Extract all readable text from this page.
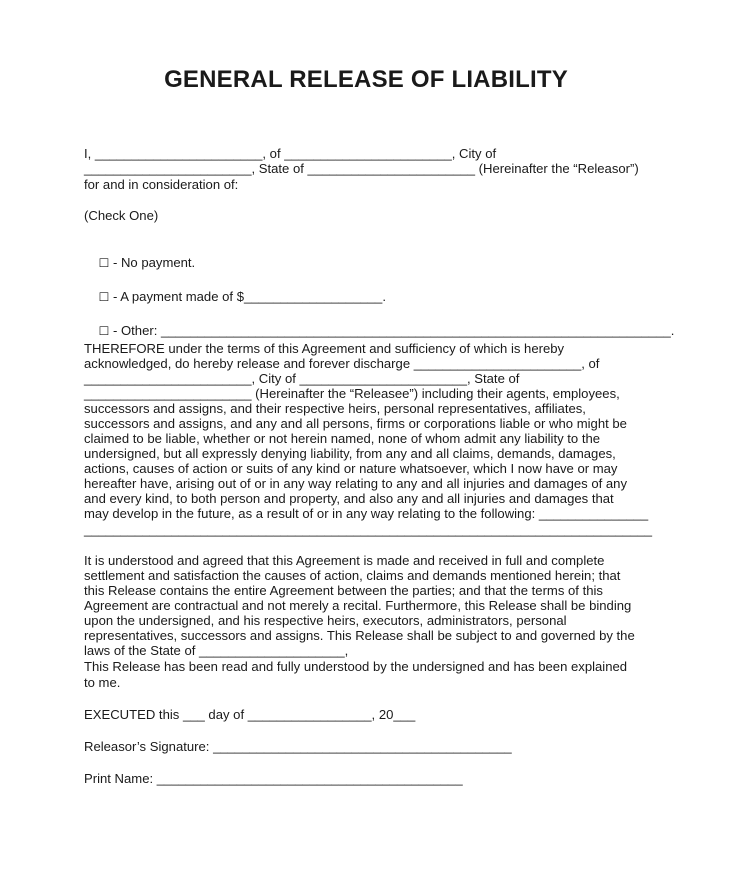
GENERAL RELEASE OF LIABILITY
I, _______________________, of _______________________, City of
_______________________, State of _______________________ (Hereinafter the “Releasor”)
for and in consideration of:
(Check One)

☐ - No payment.

☐ - A payment made of $___________________.

☐ - Other: ______________________________________________________________________.

THEREFORE under the terms of this Agreement and sufficiency of which is hereby
acknowledged, do hereby release and forever discharge _______________________, of
_______________________, City of _______________________, State of
_______________________ (Hereinafter the “Releasee”) including their agents, employees,
successors and assigns, and their respective heirs, personal representatives, affiliates,
successors and assigns, and any and all persons, firms or corporations liable or who might be
claimed to be liable, whether or not herein named, none of whom admit any liability to the
undersigned, but all expressly denying liability, from any and all claims, demands, damages,
actions, causes of action or suits of any kind or nature whatsoever, which I now have or may
hereafter have, arising out of or in any way relating to any and all injuries and damages of any
and every kind, to both person and property, and also any and all injuries and damages that
may develop in the future, as a result of or in any way relating to the following: _______________
______________________________________________________________________________
It is understood and agreed that this Agreement is made and received in full and complete
settlement and satisfaction the causes of action, claims and demands mentioned herein; that
this Release contains the entire Agreement between the parties; and that the terms of this
Agreement are contractual and not merely a recital. Furthermore, this Release shall be binding
upon the undersigned, and his respective heirs, executors, administrators, personal
representatives, successors and assigns. This Release shall be subject to and governed by the
laws of the State of ____________________,
This Release has been read and fully understood by the undersigned and has been explained
to me.
EXECUTED this ___ day of _________________, 20___
Releasor’s Signature: _________________________________________
Print Name: __________________________________________
